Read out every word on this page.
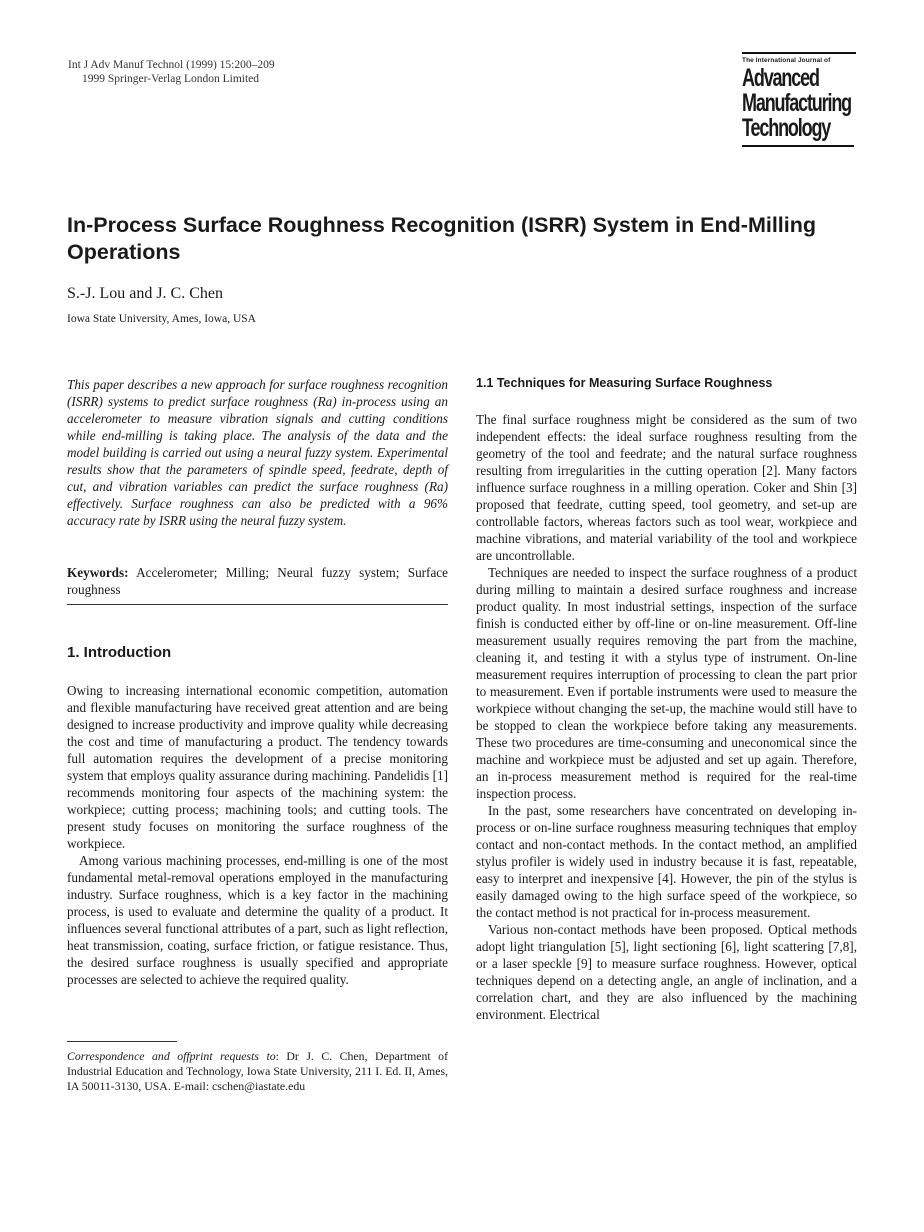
Int J Adv Manuf Technol (1999) 15:200–209
1999 Springer-Verlag London Limited
The International Journal of
Advanced
Manufacturing
Technology
In-Process Surface Roughness Recognition (ISRR) System in End-Milling Operations
S.-J. Lou and J. C. Chen
Iowa State University, Ames, Iowa, USA
This paper describes a new approach for surface roughness recognition (ISRR) systems to predict surface roughness (Ra) in-process using an accelerometer to measure vibration signals and cutting conditions while end-milling is taking place. The analysis of the data and the model building is carried out using a neural fuzzy system. Experimental results show that the parameters of spindle speed, feedrate, depth of cut, and vibration variables can predict the surface roughness (Ra) effectively. Surface roughness can also be predicted with a 96% accuracy rate by ISRR using the neural fuzzy system.
Keywords: Accelerometer; Milling; Neural fuzzy system; Surface roughness
1. Introduction

Owing to increasing international economic competition, automation and flexible manufacturing have received great attention and are being designed to increase productivity and improve quality while decreasing the cost and time of manufacturing a product. The tendency towards full automation requires the development of a precise monitoring system that employs quality assurance during machining. Pandelidis [1] recommends monitoring four aspects of the machining system: the workpiece; cutting process; machining tools; and cutting tools. The present study focuses on monitoring the surface roughness of the workpiece.

Among various machining processes, end-milling is one of the most fundamental metal-removal operations employed in the manufacturing industry. Surface roughness, which is a key factor in the machining process, is used to evaluate and determine the quality of a product. It influences several functional attributes of a part, such as light reflection, heat transmission, coating, surface friction, or fatigue resistance. Thus, the desired surface roughness is usually specified and appropriate processes are selected to achieve the required quality.

Correspondence and offprint requests to: Dr J. C. Chen, Department of Industrial Education and Technology, Iowa State University, 211 I. Ed. II, Ames, IA 50011-3130, USA. E-mail: cschen@iastate.edu
1.1 Techniques for Measuring Surface Roughness

The final surface roughness might be considered as the sum of two independent effects: the ideal surface roughness resulting from the geometry of the tool and feedrate; and the natural surface roughness resulting from irregularities in the cutting operation [2]. Many factors influence surface roughness in a milling operation. Coker and Shin [3] proposed that feedrate, cutting speed, tool geometry, and set-up are controllable factors, whereas factors such as tool wear, workpiece and machine vibrations, and material variability of the tool and workpiece are uncontrollable.

Techniques are needed to inspect the surface roughness of a product during milling to maintain a desired surface roughness and increase product quality. In most industrial settings, inspection of the surface finish is conducted either by off-line or on-line measurement. Off-line measurement usually requires removing the part from the machine, cleaning it, and testing it with a stylus type of instrument. On-line measurement requires interruption of processing to clean the part prior to measurement. Even if portable instruments were used to measure the workpiece without changing the set-up, the machine would still have to be stopped to clean the workpiece before taking any measurements. These two procedures are time-consuming and uneconomical since the machine and workpiece must be adjusted and set up again. Therefore, an in-process measurement method is required for the real-time inspection process.

In the past, some researchers have concentrated on developing in-process or on-line surface roughness measuring techniques that employ contact and non-contact methods. In the contact method, an amplified stylus profiler is widely used in industry because it is fast, repeatable, easy to interpret and inexpensive [4]. However, the pin of the stylus is easily damaged owing to the high surface speed of the workpiece, so the contact method is not practical for in-process measurement.

Various non-contact methods have been proposed. Optical methods adopt light triangulation [5], light sectioning [6], light scattering [7,8], or a laser speckle [9] to measure surface roughness. However, optical techniques depend on a detecting angle, an angle of inclination, and a correlation chart, and they are also influenced by the machining environment. Electrical
